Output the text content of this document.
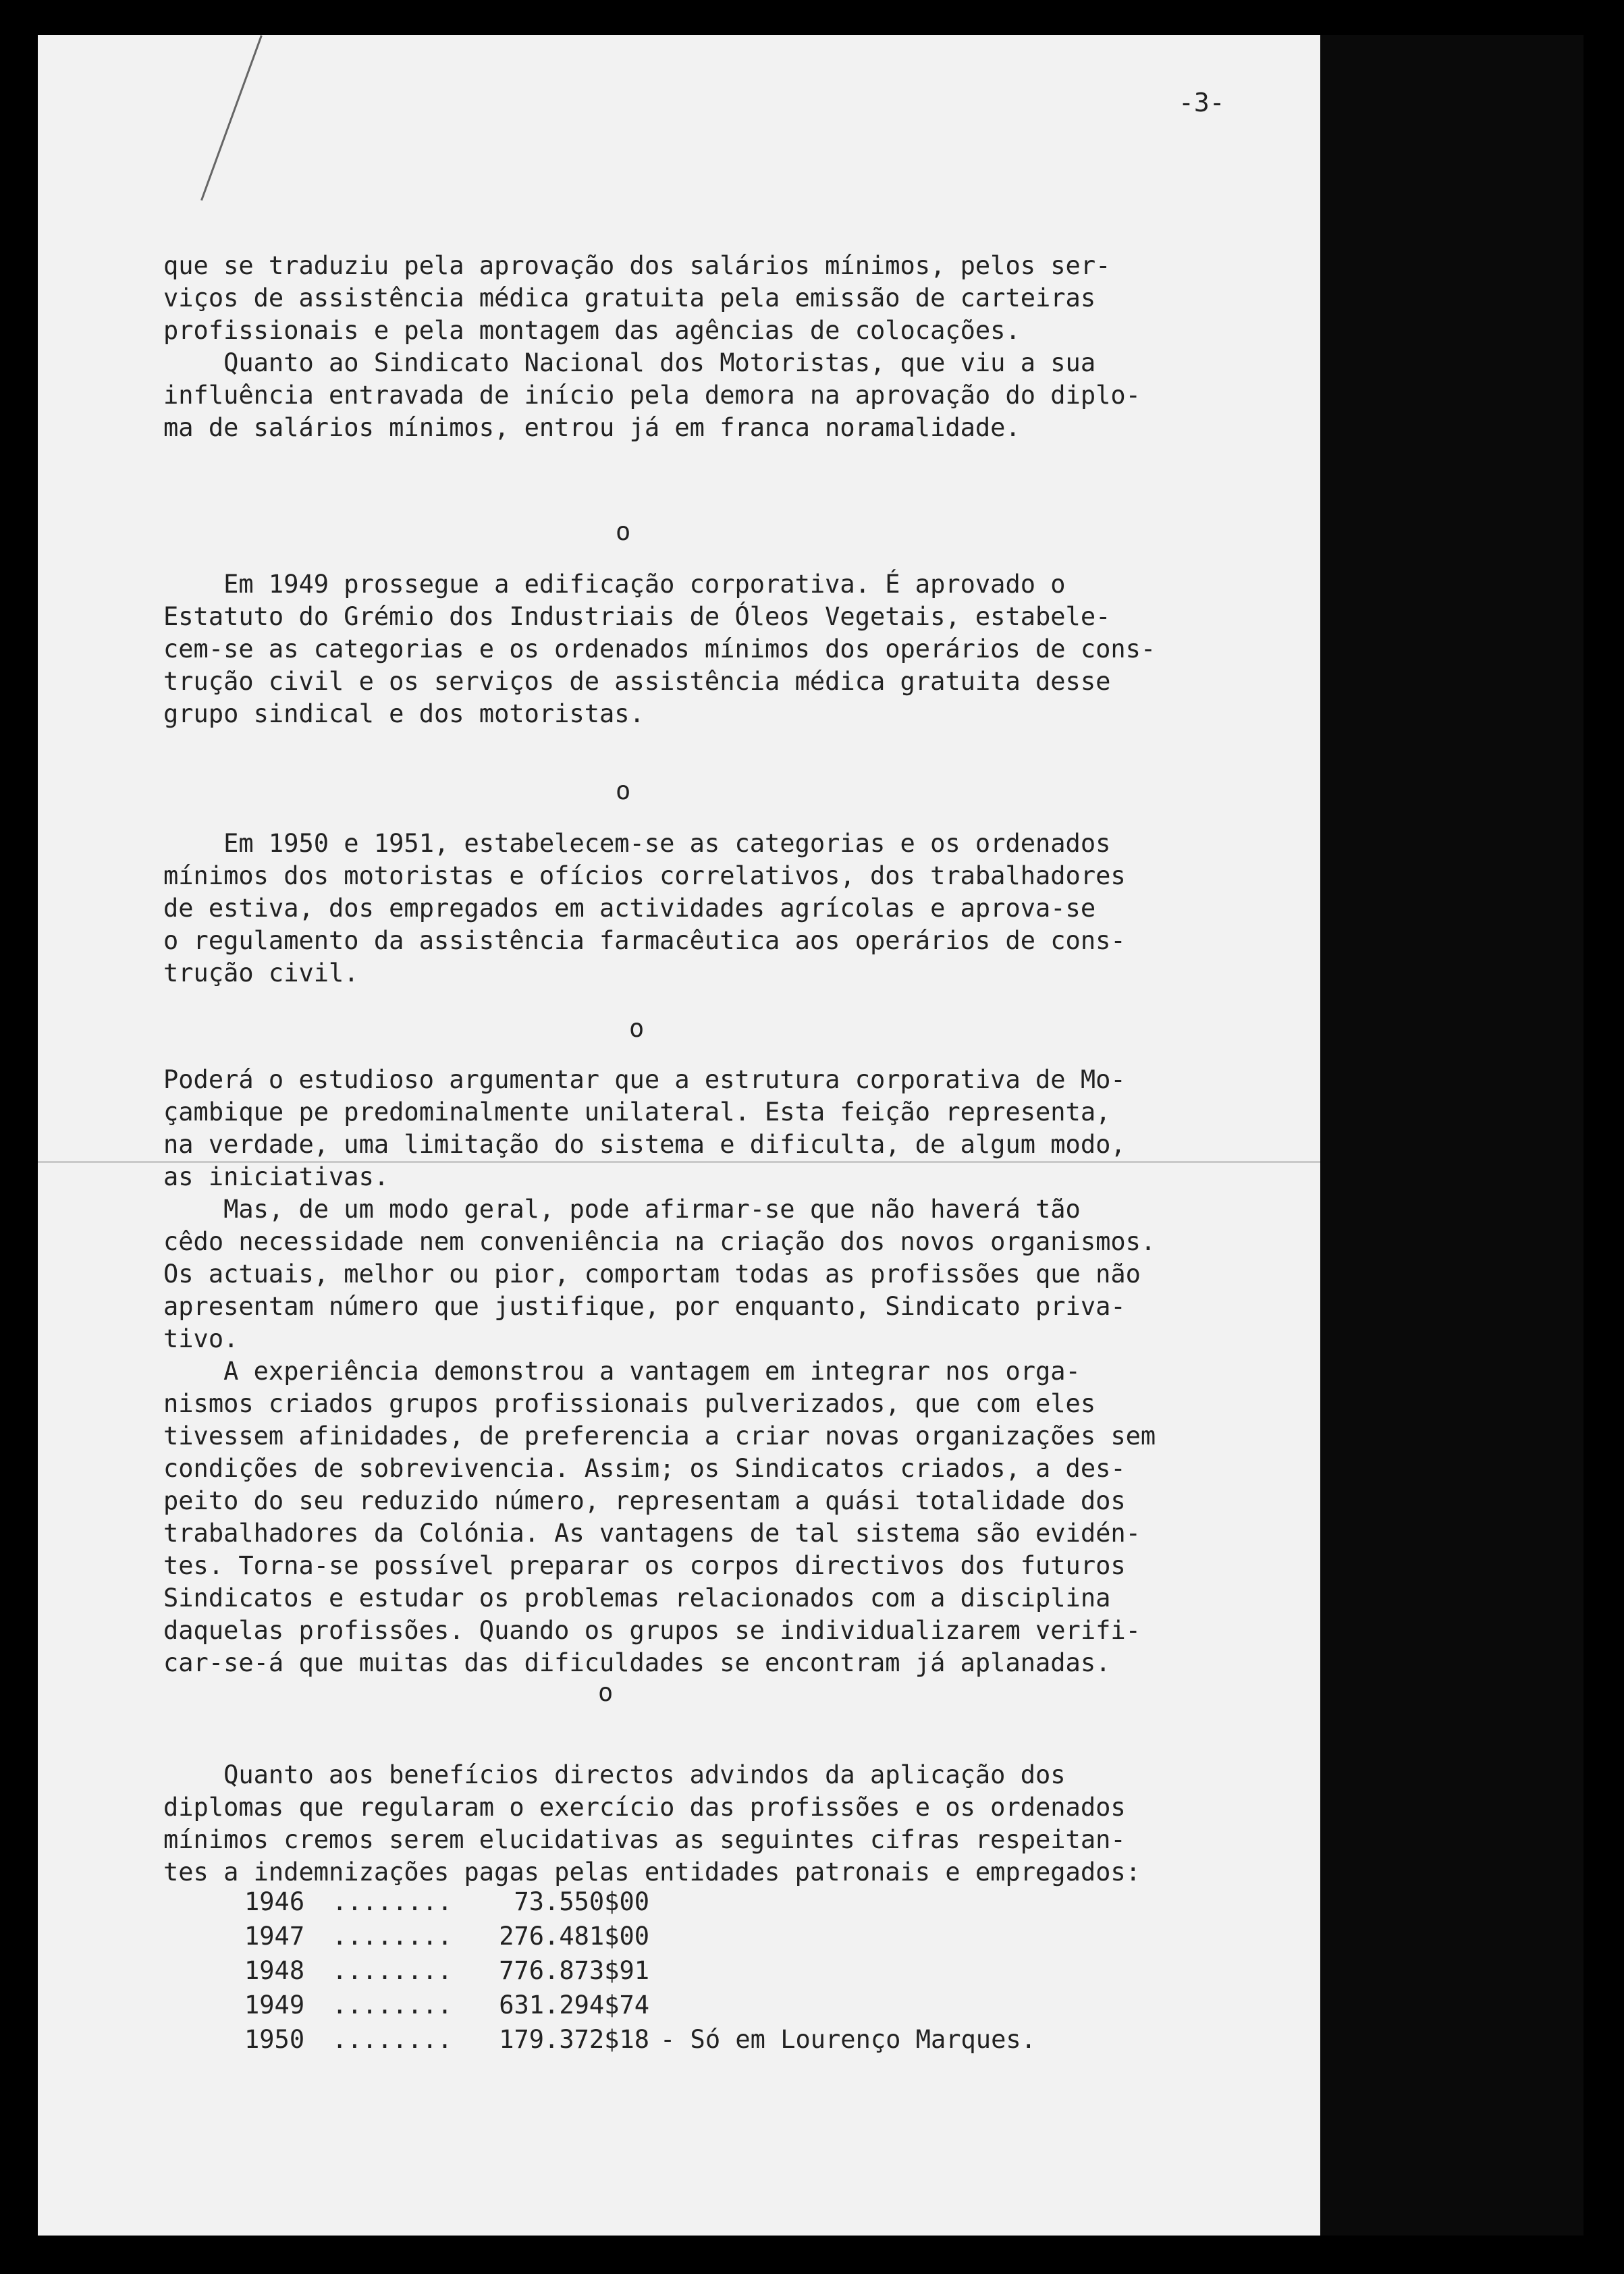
-3-

que se traduziu pela aprovação dos salários mínimos, pelos ser-
viços de assistência médica gratuita pela emissão de carteiras
profissionais e pela montagem das agências de colocações.
Quanto ao Sindicato Nacional dos Motoristas, que viu a sua
influência entravada de início pela demora na aprovação do diplo-
ma de salários mínimos, entrou já em franca noramalidade.

o

Em 1949 prossegue a edificação corporativa. É aprovado o
Estatuto do Grémio dos Industriais de Óleos Vegetais, estabele-
cem-se as categorias e os ordenados mínimos dos operários de cons-
trução civil e os serviços de assistência médica gratuita desse
grupo sindical e dos motoristas.

o

Em 1950 e 1951, estabelecem-se as categorias e os ordenados
mínimos dos motoristas e ofícios correlativos, dos trabalhadores
de estiva, dos empregados em actividades agrícolas e aprova-se
o regulamento da assistência farmacêutica aos operários de cons-
trução civil.

o

Poderá o estudioso argumentar que a estrutura corporativa de Mo-
çambique pe predominalmente unilateral. Esta feição representa,
na verdade, uma limitação do sistema e dificulta, de algum modo,
as iniciativas.
Mas, de um modo geral, pode afirmar-se que não haverá tão
cêdo necessidade nem conveniência na criação dos novos organismos.
Os actuais, melhor ou pior, comportam todas as profissões que não
apresentam número que justifique, por enquanto, Sindicato priva-
tivo.
A experiência demonstrou a vantagem em integrar nos orga-
nismos criados grupos profissionais pulverizados, que com eles
tivessem afinidades, de preferencia a criar novas organizações sem
condições de sobrevivencia. Assim; os Sindicatos criados, a des-
peito do seu reduzido número, representam a quási totalidade dos
trabalhadores da Colónia. As vantagens de tal sistema são evidén-
tes. Torna-se possível preparar os corpos directivos dos futuros
Sindicatos e estudar os problemas relacionados com a disciplina
daquelas profissões. Quando os grupos se individualizarem verifi-
car-se-á que muitas das dificuldades se encontram já aplanadas.

o

Quanto aos benefícios directos advindos da aplicação dos
diplomas que regularam o exercício das profissões e os ordenados
mínimos cremos serem elucidativas as seguintes cifras respeitan-
tes a indemnizações pagas pelas entidades patronais e empregados:

1946	........	73.550$00
1947	........	276.481$00
1948	........	776.873$91
1949	........	631.294$74
1950	........	179.372$18 - Só em Lourenço Marques.
